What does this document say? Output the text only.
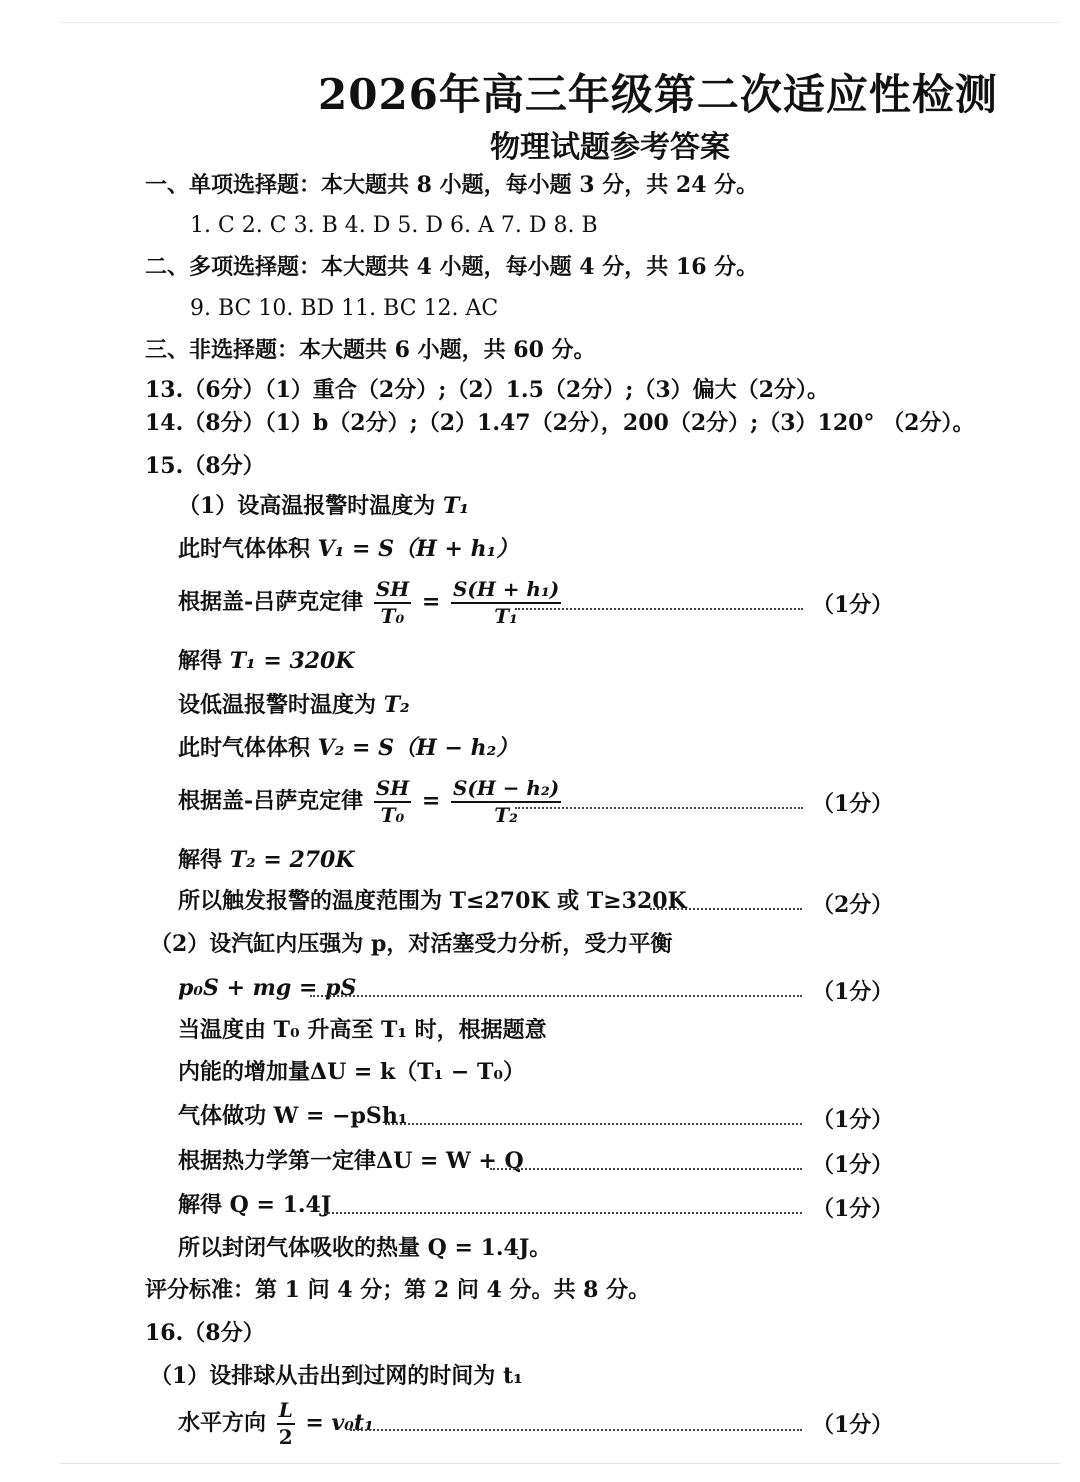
2026年高三年级第二次适应性检测
物理试题参考答案
一、单项选择题：本大题共 8 小题，每小题 3 分，共 24 分。
1. C 2. C 3. B 4. D 5. D 6. A 7. D 8. B
二、多项选择题：本大题共 4 小题，每小题 4 分，共 16 分。
9. BC 10. BD 11. BC 12. AC
三、非选择题：本大题共 6 小题，共 60 分。
13.（6分）（1）重合（2分）;（2）1.5（2分）;（3）偏大（2分）。
14.（8分）（1）b（2分）;（2）1.47（2分），200（2分）;（3）120° （2分）。
15.（8分）
（1）设高温报警时温度为 T₁
此时气体体积 V₁ = S（H + h₁）
根据盖-吕萨克定律 $\frac{SH}{\text{T₀}} = \frac{\text{S(H + h₁)}}{\text{T₁}}$	（1分）
解得 T₁ = 320K
设低温报警时温度为 T₂
此时气体体积 V₂ = S（H − h₂）
根据盖-吕萨克定律 $\frac{SH}{\text{T₀}} = \frac{\text{S(H − h₂)}}{\text{T₂}}$	（1分）
解得 T₂ = 270K
所以触发报警的温度范围为 T≤270K 或 T≥320K	（2分）
（2）设汽缸内压强为 p，对活塞受力分析，受力平衡
p₀S + mg = pS	（1分）
当温度由 T₀ 升高至 T₁ 时，根据题意
内能的增加量ΔU = k（T₁ − T₀）
气体做功 W = −pSh₁	（1分）
根据热力学第一定律ΔU = W + Q	（1分）
解得 Q = 1.4J	（1分）
所以封闭气体吸收的热量 Q = 1.4J。
评分标准：第 1 问 4 分；第 2 问 4 分。共 8 分。
16.（8分）
（1）设排球从击出到过网的时间为 t₁
水平方向 $\frac{L}{2} = v_0t_1$	（1分）
